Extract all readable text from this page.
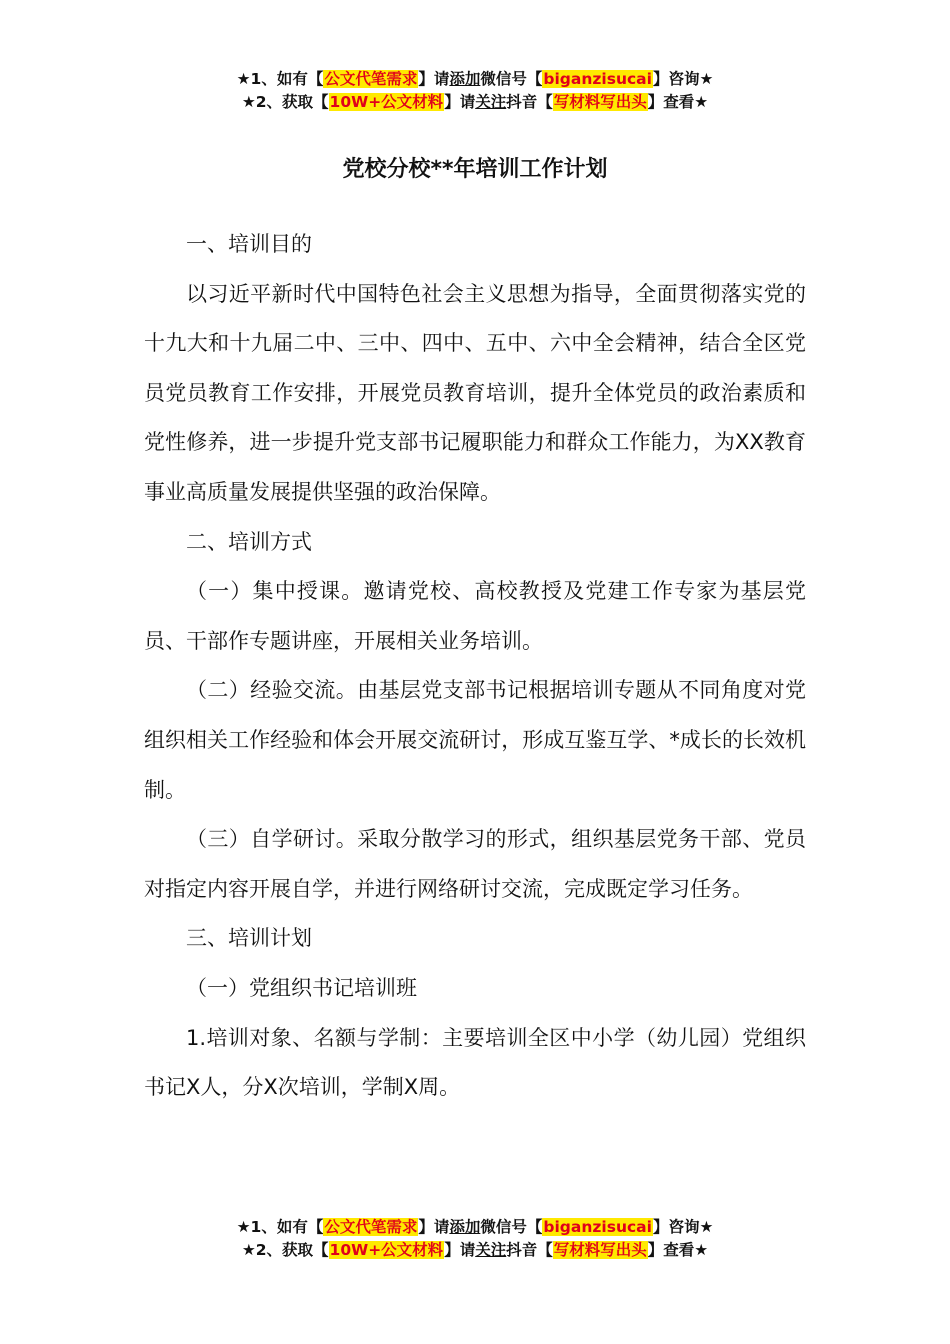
★1、如有【公文代笔需求】请添加微信号【biganzisucai】咨询★
★2、获取【10W+公文材料】请关注抖音【写材料写出头】查看★
党校分校**年培训工作计划

一、培训目的

以习近平新时代中国特色社会主义思想为指导，全面贯彻落实党的十九大和十九届二中、三中、四中、五中、六中全会精神，结合全区党员党员教育工作安排，开展党员教育培训，提升全体党员的政治素质和党性修养，进一步提升党支部书记履职能力和群众工作能力，为XX教育事业高质量发展提供坚强的政治保障。

二、培训方式

（一）集中授课。邀请党校、高校教授及党建工作专家为基层党员、干部作专题讲座，开展相关业务培训。

（二）经验交流。由基层党支部书记根据培训专题从不同角度对党组织相关工作经验和体会开展交流研讨，形成互鉴互学、*成长的长效机制。

（三）自学研讨。采取分散学习的形式，组织基层党务干部、党员对指定内容开展自学，并进行网络研讨交流，完成既定学习任务。

三、培训计划

（一）党组织书记培训班

1.培训对象、名额与学制：主要培训全区中小学（幼儿园）党组织书记X人，分X次培训，学制X周。

★1、如有【公文代笔需求】请添加微信号【biganzisucai】咨询★
★2、获取【10W+公文材料】请关注抖音【写材料写出头】查看★
